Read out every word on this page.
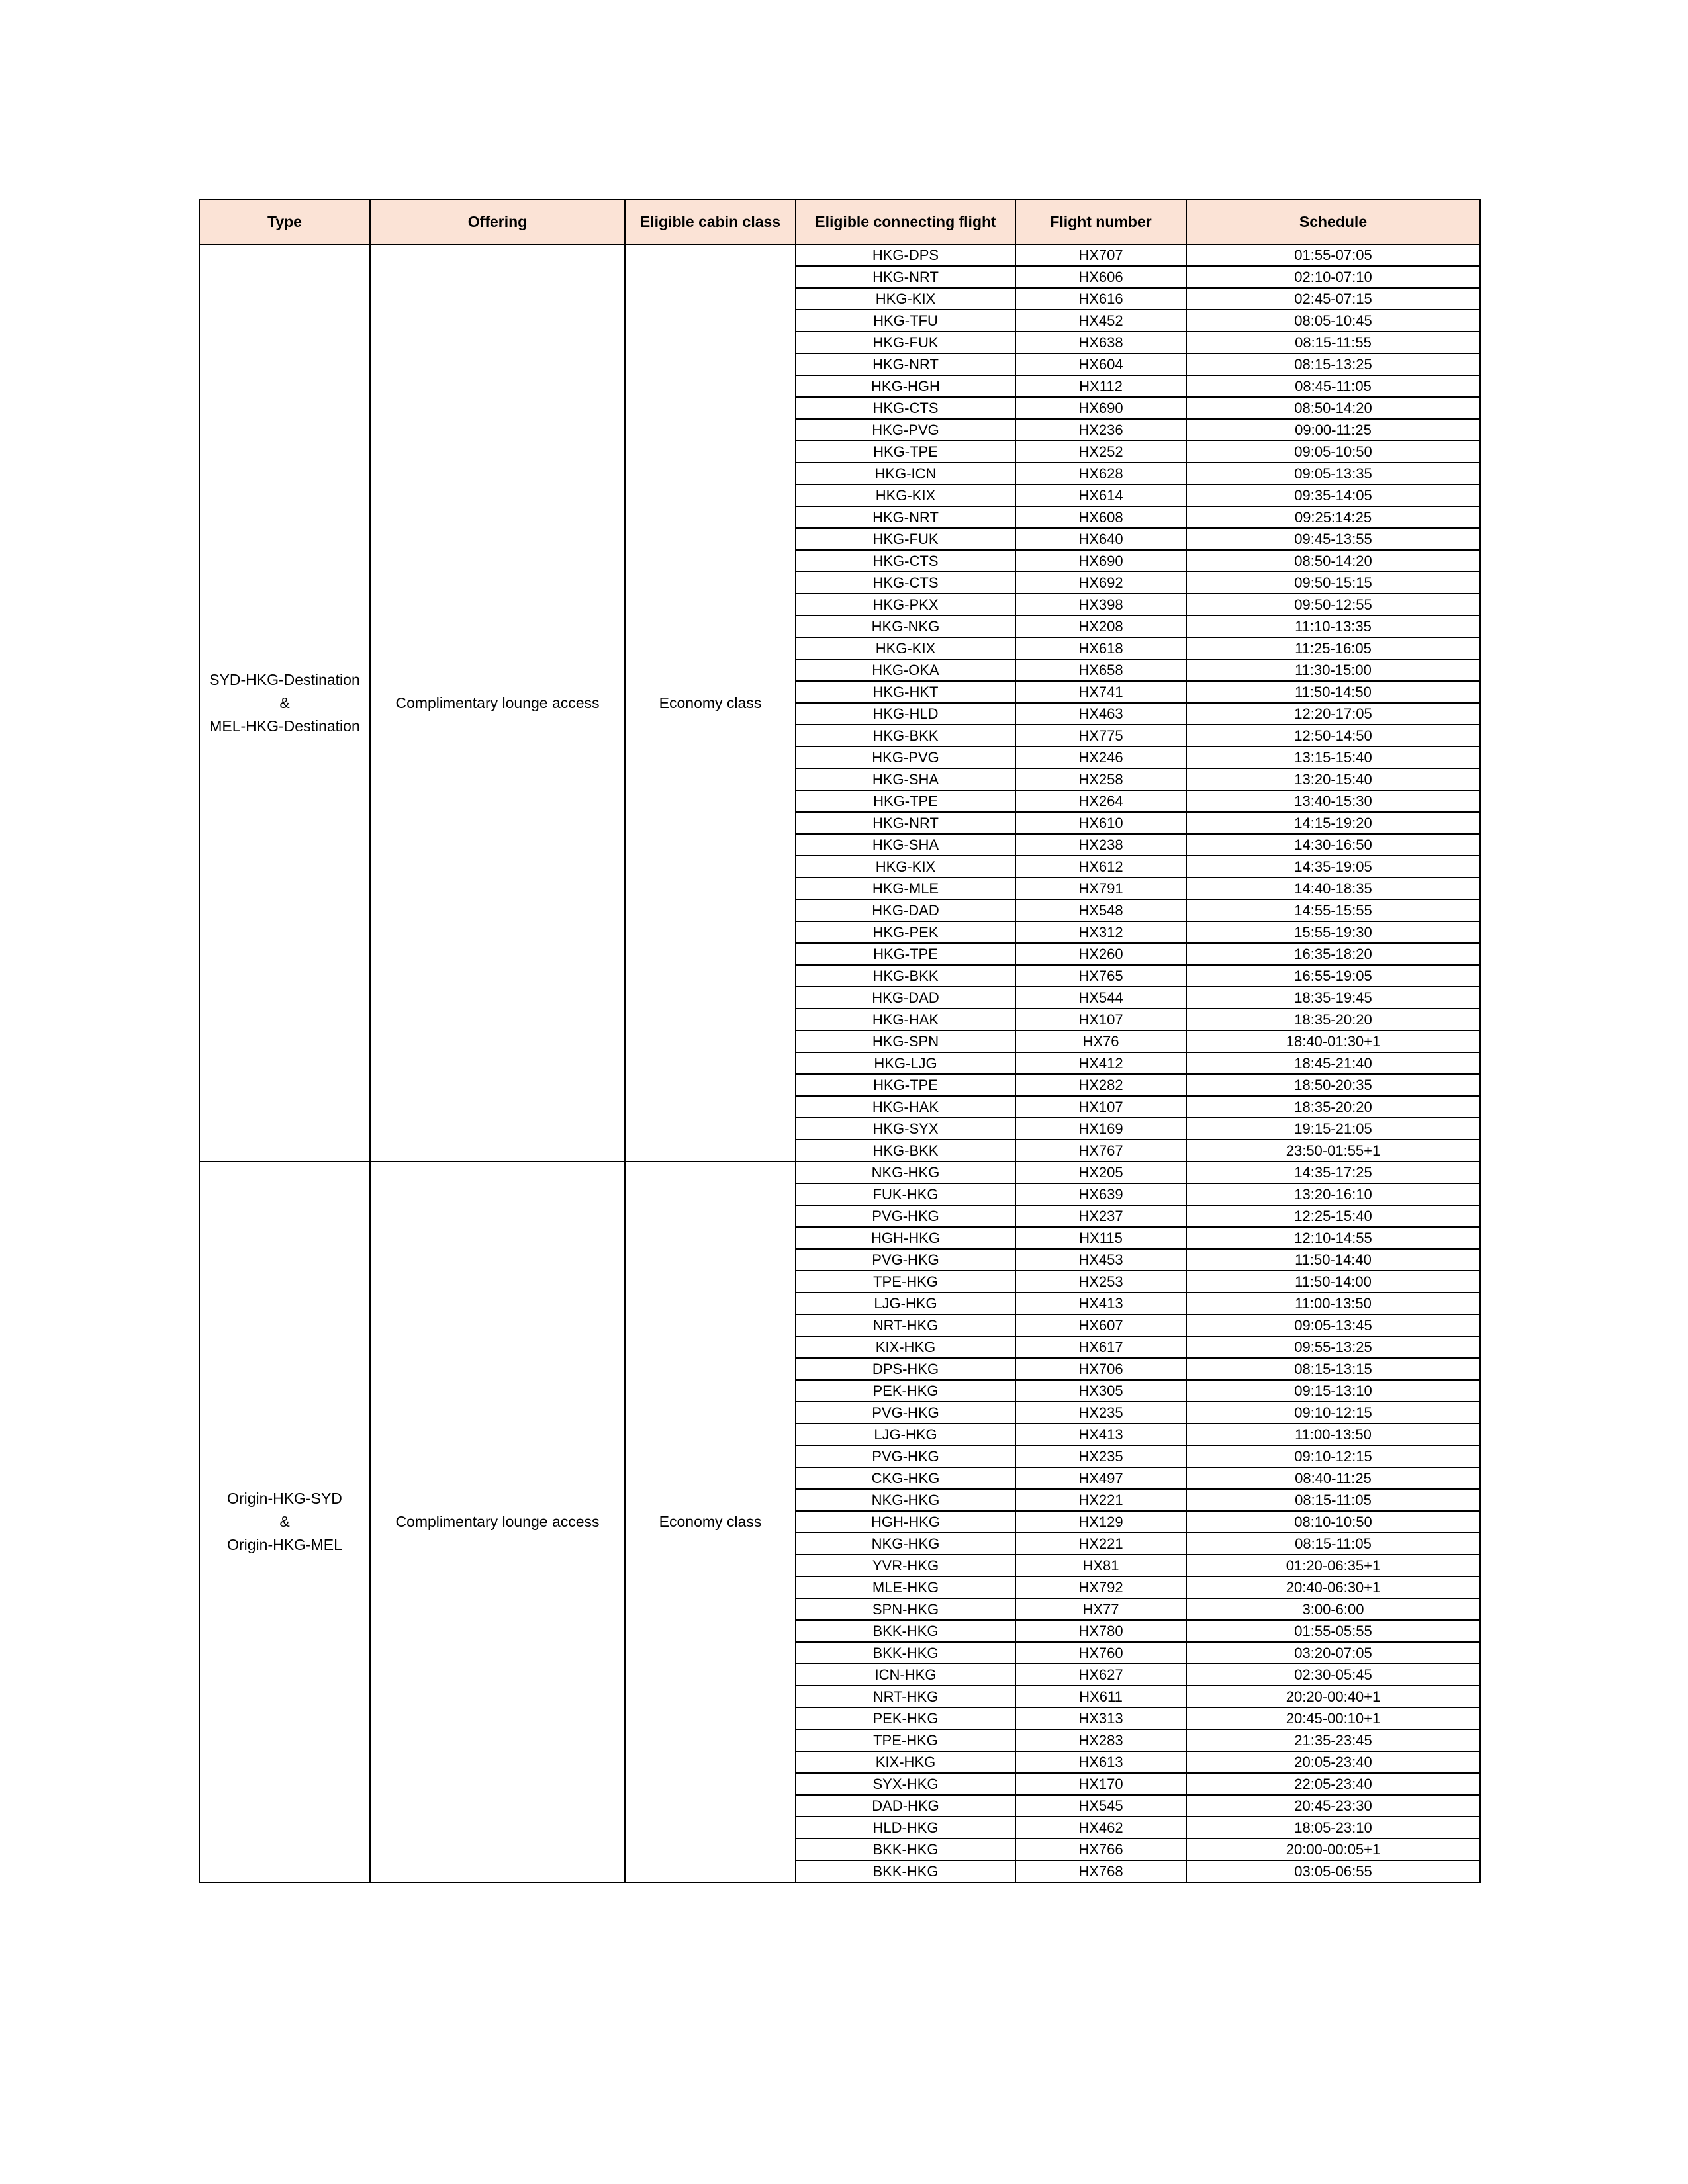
Type	Offering	Eligible cabin class	Eligible connecting flight	Flight number	Schedule

SYD-HKG-Destination
&
MEL-HKG-Destination	Complimentary lounge access	Economy class	HKG-DPS	HX707	01:55-07:05
			HKG-NRT	HX606	02:10-07:10
			HKG-KIX	HX616	02:45-07:15
			HKG-TFU	HX452	08:05-10:45
			HKG-FUK	HX638	08:15-11:55
			HKG-NRT	HX604	08:15-13:25
			HKG-HGH	HX112	08:45-11:05
			HKG-CTS	HX690	08:50-14:20
			HKG-PVG	HX236	09:00-11:25
			HKG-TPE	HX252	09:05-10:50
			HKG-ICN	HX628	09:05-13:35
			HKG-KIX	HX614	09:35-14:05
			HKG-NRT	HX608	09:25:14:25
			HKG-FUK	HX640	09:45-13:55
			HKG-CTS	HX690	08:50-14:20
			HKG-CTS	HX692	09:50-15:15
			HKG-PKX	HX398	09:50-12:55
			HKG-NKG	HX208	11:10-13:35
			HKG-KIX	HX618	11:25-16:05
			HKG-OKA	HX658	11:30-15:00
			HKG-HKT	HX741	11:50-14:50
			HKG-HLD	HX463	12:20-17:05
			HKG-BKK	HX775	12:50-14:50
			HKG-PVG	HX246	13:15-15:40
			HKG-SHA	HX258	13:20-15:40
			HKG-TPE	HX264	13:40-15:30
			HKG-NRT	HX610	14:15-19:20
			HKG-SHA	HX238	14:30-16:50
			HKG-KIX	HX612	14:35-19:05
			HKG-MLE	HX791	14:40-18:35
			HKG-DAD	HX548	14:55-15:55
			HKG-PEK	HX312	15:55-19:30
			HKG-TPE	HX260	16:35-18:20
			HKG-BKK	HX765	16:55-19:05
			HKG-DAD	HX544	18:35-19:45
			HKG-HAK	HX107	18:35-20:20
			HKG-SPN	HX76	18:40-01:30+1
			HKG-LJG	HX412	18:45-21:40
			HKG-TPE	HX282	18:50-20:35
			HKG-HAK	HX107	18:35-20:20
			HKG-SYX	HX169	19:15-21:05
			HKG-BKK	HX767	23:50-01:55+1

Origin-HKG-SYD
&
Origin-HKG-MEL	Complimentary lounge access	Economy class	NKG-HKG	HX205	14:35-17:25
			FUK-HKG	HX639	13:20-16:10
			PVG-HKG	HX237	12:25-15:40
			HGH-HKG	HX115	12:10-14:55
			PVG-HKG	HX453	11:50-14:40
			TPE-HKG	HX253	11:50-14:00
			LJG-HKG	HX413	11:00-13:50
			NRT-HKG	HX607	09:05-13:45
			KIX-HKG	HX617	09:55-13:25
			DPS-HKG	HX706	08:15-13:15
			PEK-HKG	HX305	09:15-13:10
			PVG-HKG	HX235	09:10-12:15
			LJG-HKG	HX413	11:00-13:50
			PVG-HKG	HX235	09:10-12:15
			CKG-HKG	HX497	08:40-11:25
			NKG-HKG	HX221	08:15-11:05
			HGH-HKG	HX129	08:10-10:50
			NKG-HKG	HX221	08:15-11:05
			YVR-HKG	HX81	01:20-06:35+1
			MLE-HKG	HX792	20:40-06:30+1
			SPN-HKG	HX77	3:00-6:00
			BKK-HKG	HX780	01:55-05:55
			BKK-HKG	HX760	03:20-07:05
			ICN-HKG	HX627	02:30-05:45
			NRT-HKG	HX611	20:20-00:40+1
			PEK-HKG	HX313	20:45-00:10+1
			TPE-HKG	HX283	21:35-23:45
			KIX-HKG	HX613	20:05-23:40
			SYX-HKG	HX170	22:05-23:40
			DAD-HKG	HX545	20:45-23:30
			HLD-HKG	HX462	18:05-23:10
			BKK-HKG	HX766	20:00-00:05+1
			BKK-HKG	HX768	03:05-06:55
